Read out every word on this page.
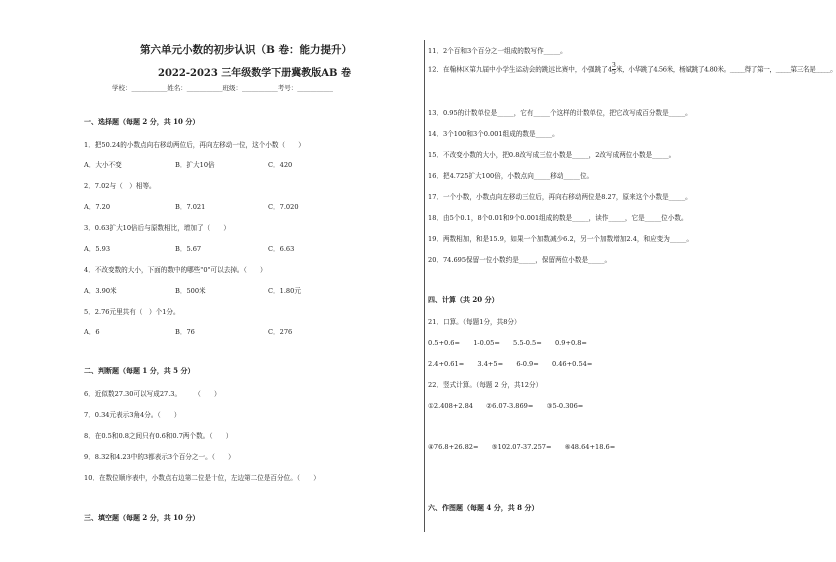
第六单元小数的初步认识（B 卷：能力提升）
2022-2023 三年级数学下册冀教版AB 卷
学校：___________姓名：___________班级：___________考号：___________
一、选择题（每题 2 分，共 10 分）
1．把50.24的小数点向右移动两位后，再向左移动一位，这个小数（　　）
A．大小不变	B．扩大10倍	C．420
2．7.02与（　）相等。
A．7.20	B．7.021	C．7.020
3．0.63扩大10倍后与原数相比，增加了（　　）
A．5.93	B．5.67	C．6.63
4．不改变数的大小，下面的数中的哪些"0"可以去掉。（　　）
A．3.90米	B．500米	C．1.80元
5．2.76元里共有（　）个1分。
A．6	B．76	C．276
二、判断题（每题 1 分，共 5 分）
6．近似数27.30可以写成27.3。　　　（　　）
7．0.34元表示3角4分。（　　）
8．在0.5和0.8之间只有0.6和0.7两个数。（　　）
9．8.32和4.23中的3都表示3个百分之一。（　　）
10．在数位顺序表中，小数点右边第二位是十位，左边第二位是百分位。（　　）
三、填空题（每题 2 分，共 10 分）
11．2个百和3个百分之一组成的数写作_____。
12．在翰林区第九届中小学生运动会的跳远比赛中，小强跳了$4 \frac{3}{5}$ 米，小华跳了4.56米，杨斌跳了4.80米。_____得了第一，_____第三名是_____。
13．0.95的计数单位是_____，它有_____个这样的计数单位，把它改写成百分数是_____。
14．3个100和3个0.001组成的数是_____。
15．不改变小数的大小，把0.8改写成三位小数是_____，2改写成两位小数是_____。
16．把4.725扩大100倍，小数点向_____移动_____位。
17．一个小数，小数点向左移动三位后，再向右移动两位是8.27，原来这个小数是_____。
18．由5个0.1，8个0.01和9个0.001组成的数是_____，读作_____，它是_____位小数。
19．两数相加，和是15.9，如果一个加数减少6.2，另一个加数增加2.4，和应变为_____。
20．74.695保留一位小数约是_____，保留两位小数是_____。
四、计算（共 20 分）
21．口算。（每题1分，共8分）
0.5+0.6=　　1-0.05=　　5.5-0.5=　　0.9+0.8=
2.4+0.61=　　3.4+5=　　6-0.9=　　0.46+0.54=
22．竖式计算。（每题 2 分，共12分）
①2.408+2.84　　②6.07-3.869=　　③5-0.306=
④76.8+26.82=　　⑤102.07-37.257=　　⑥48.64+18.6=
六、作图题（每题 4 分，共 8 分）
